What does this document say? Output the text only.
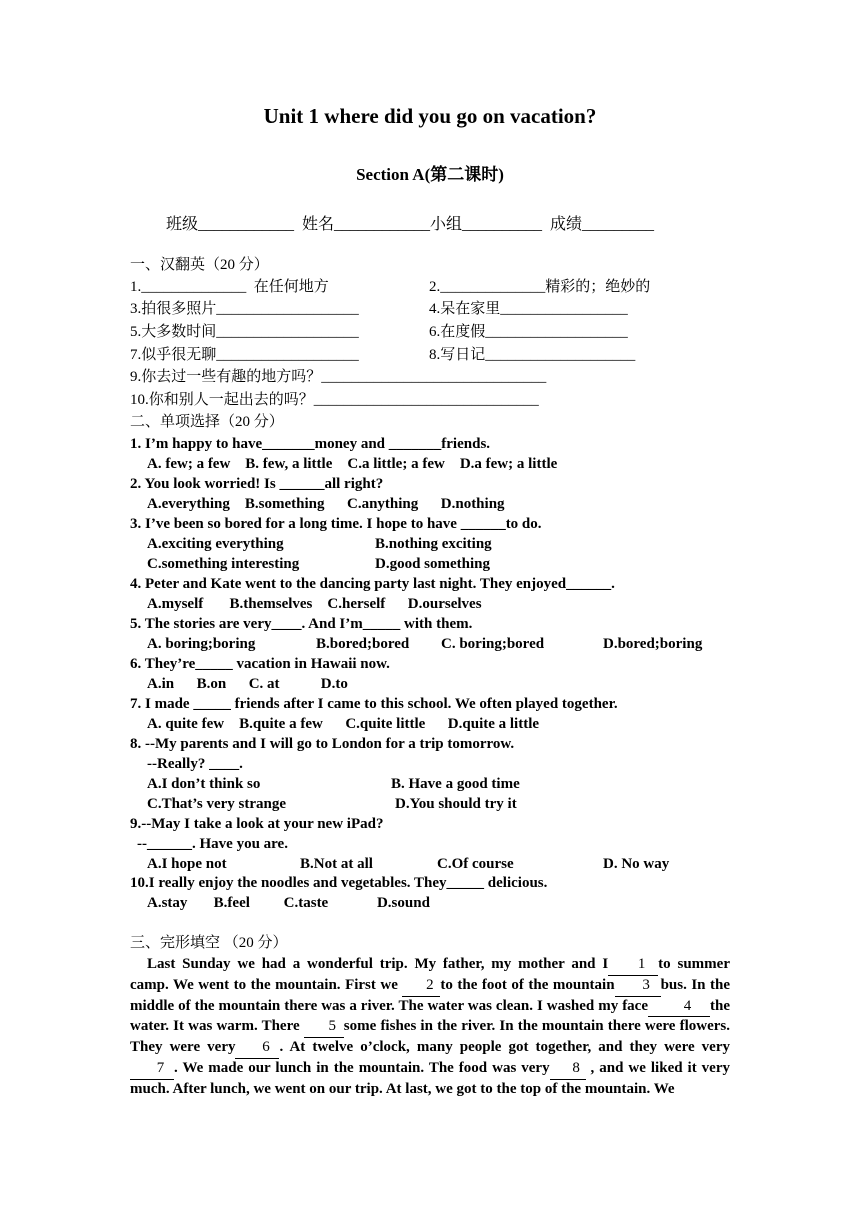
Unit 1 where did you go on vacation?
Section A(第二课时)
班级____________  姓名____________小组__________  成绩_________
一、汉翻英（20 分）
1.______________  在任何地方	2.______________精彩的；绝妙的
3.拍很多照片___________________	4.呆在家里_________________
5.大多数时间___________________	6.在度假___________________
7.似乎很无聊___________________	8.写日记____________________
9.你去过一些有趣的地方吗？______________________________
10.你和别人一起出去的吗？______________________________
二、单项选择（20 分）
1. I’m happy to have_______money and _______friends.
A. few; a few    B. few, a little    C.a little; a few    D.a few; a little
2. You look worried! Is ______all right?
A.everything    B.something      C.anything      D.nothing
3. I’ve been so bored for a long time. I hope to have ______to do.
A.exciting everything	B.nothing exciting
C.something interesting	D.good something
4. Peter and Kate went to the dancing party last night. They enjoyed______.
A.myself       B.themselves    C.herself      D.ourselves
5. The stories are very____. And I’m_____ with them.
A. boring;boring	B.bored;bored C. boring;bored	D.bored;boring
6. They’re_____ vacation in Hawaii now.
A.in      B.on      C. at           D.to
7. I made _____ friends after I came to this school. We often played together.
A. quite few    B.quite a few      C.quite little      D.quite a little
8. --My parents and I will go to London for a trip tomorrow.
--Really? ____.
A.I don’t think so	B. Have a good time
C.That’s very strange	D.You should try it
9.--May I take a look at your new iPad?
--______. Have you are.
A.I hope not	B.Not at all	C.Of course	D. No way
10.I really enjoy the noodles and vegetables. They_____ delicious.
A.stay       B.feel         C.taste             D.sound
三、完形填空 （20 分）

Last Sunday we had a wonderful trip. My father, my mother and I 1 to summer camp. We went to the mountain. First we 2 to the foot of the mountain 3 bus. In the middle of the mountain there was a river. The water was clean. I washed my face 4 the water. It was warm. There 5 some fishes in the river. In the mountain there were flowers. They were very 6 . At twelve o’clock, many people got together, and they were very 7 . We made our lunch in the mountain. The food was very 8 , and we liked it very much. After lunch, we went on our trip. At last, we got to the top of the mountain. We
